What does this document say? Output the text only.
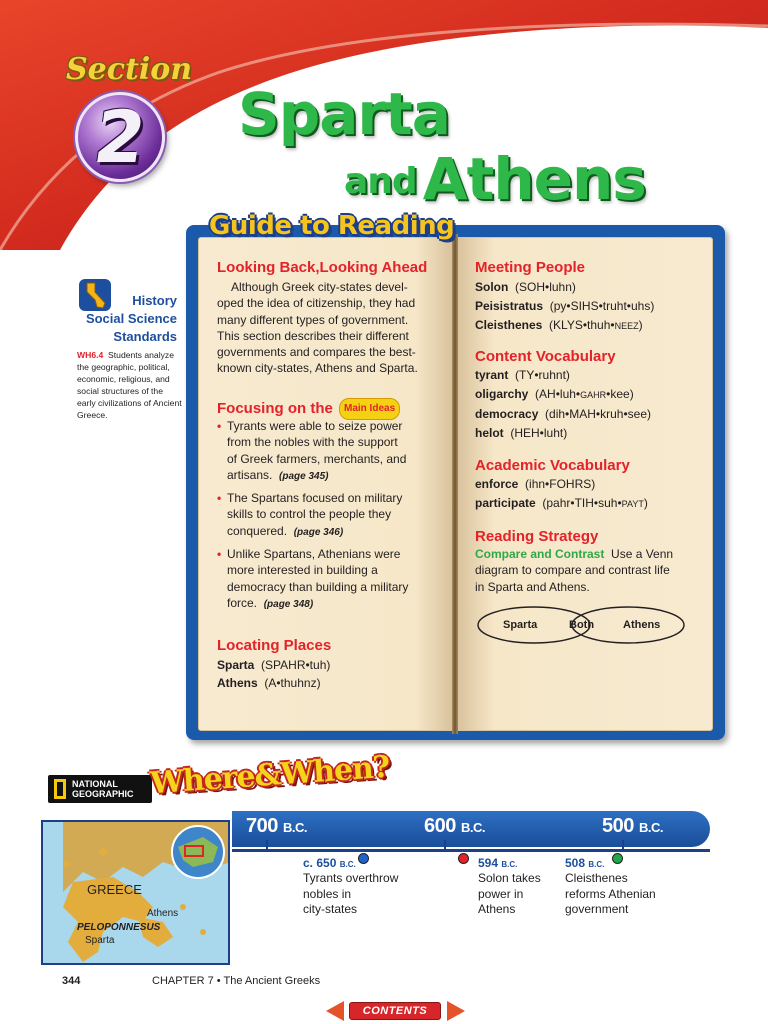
Section
2 Sparta
and Athens
History
Social Science
Standards
WH6.4 Students analyze the geographic, political, economic, religious, and social structures of the early civilizations of Ancient Greece.
Guide to Reading
Looking Back,Looking Ahead
Although Greek city-states devel-
oped the idea of citizenship, they had
many different types of government.
This section describes their different
governments and compares the best-
known city-states, Athens and Sparta.
Focusing on the Main Ideas
• Tyrants were able to seize power
from the nobles with the support
of Greek farmers, merchants, and
artisans. (page 345)
• The Spartans focused on military
skills to control the people they
conquered. (page 346)
• Unlike Spartans, Athenians were
more interested in building a
democracy than building a military
force. (page 348)
Locating Places
Sparta (SPAHR•tuh)
Athens (A•thuhnz)
Meeting People
Solon (SOH•luhn)
Peisistratus (py•SIHS•truht•uhs)
Cleisthenes (KLYS•thuh•NEEZ)
Content Vocabulary
tyrant (TY•ruhnt)
oligarchy (AH•luh•GAHR•kee)
democracy (dih•MAH•kruh•see)
helot (HEH•luht)
Academic Vocabulary
enforce (ihn•FOHRS)
participate (pahr•TIH•suh•PAYT)
Reading Strategy
Compare and Contrast Use a Venn
diagram to compare and contrast life
in Sparta and Athens.
Sparta	Both	Athens
NATIONAL
GEOGRAPHIC Where&When?
GREECE
Athens
PELOPONNESUS
Sparta
700 B.C.	600 B.C.	500 B.C.
c. 650 B.C.
Tyrants overthrow
nobles in
city-states
594 B.C.
Solon takes
power in
Athens
508 B.C.
Cleisthenes
reforms Athenian
government
344	CHAPTER 7 • The Ancient Greeks
CONTENTS
